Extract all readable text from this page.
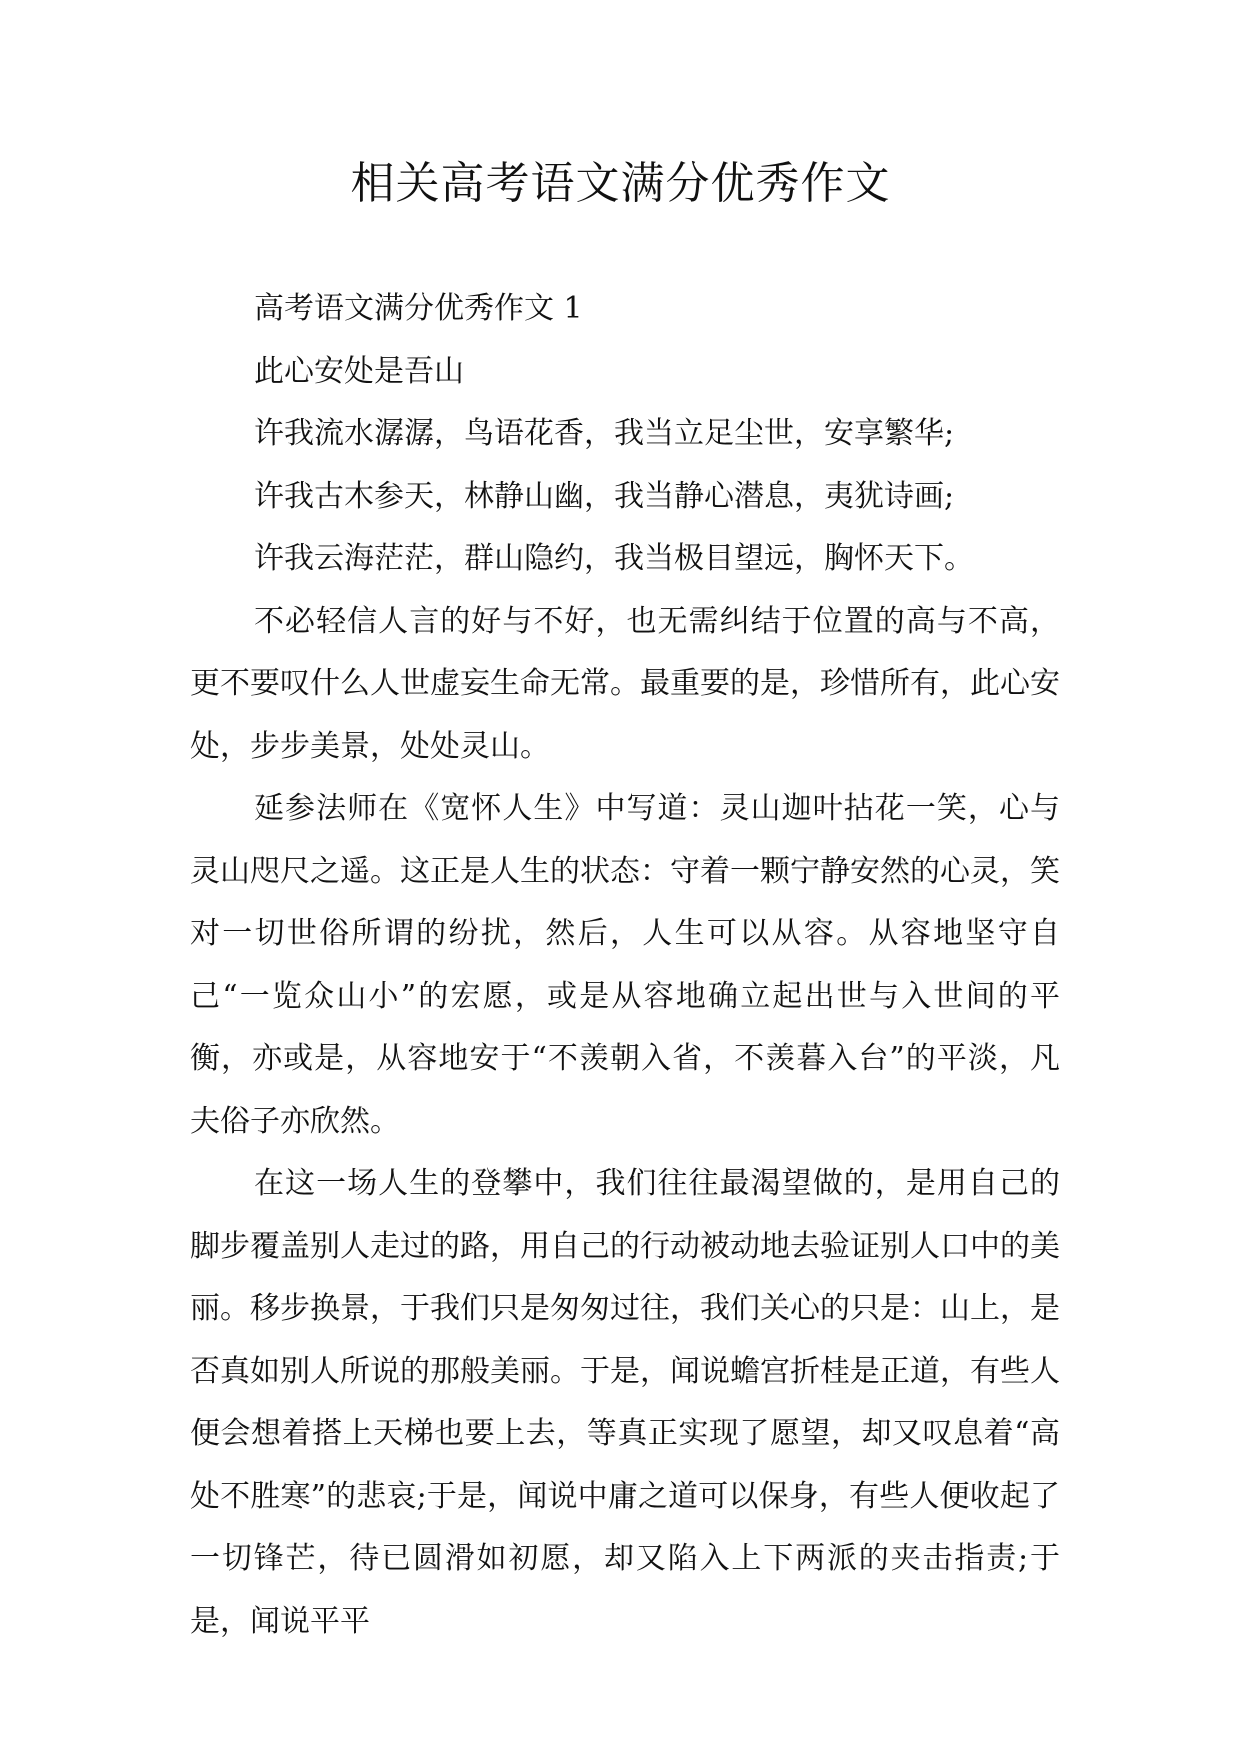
相关高考语文满分优秀作文

高考语文满分优秀作文 1

此心安处是吾山

许我流水潺潺，鸟语花香，我当立足尘世，安享繁华;

许我古木参天，林静山幽，我当静心潜息，夷犹诗画;

许我云海茫茫，群山隐约，我当极目望远，胸怀天下。

不必轻信人言的好与不好，也无需纠结于位置的高与不高，更不要叹什么人世虚妄生命无常。最重要的是，珍惜所有，此心安处，步步美景，处处灵山。

延参法师在《宽怀人生》中写道：灵山迦叶拈花一笑，心与灵山咫尺之遥。这正是人生的状态：守着一颗宁静安然的心灵，笑对一切世俗所谓的纷扰，然后，人生可以从容。从容地坚守自己“一览众山小”的宏愿，或是从容地确立起出世与入世间的平衡，亦或是，从容地安于“不羡朝入省，不羡暮入台”的平淡，凡夫俗子亦欣然。

在这一场人生的登攀中，我们往往最渴望做的，是用自己的脚步覆盖别人走过的路，用自己的行动被动地去验证别人口中的美丽。移步换景，于我们只是匆匆过往，我们关心的只是：山上，是否真如别人所说的那般美丽。于是，闻说蟾宫折桂是正道，有些人便会想着搭上天梯也要上去，等真正实现了愿望，却又叹息着“高处不胜寒”的悲哀;于是，闻说中庸之道可以保身，有些人便收起了一切锋芒，待已圆滑如初愿，却又陷入上下两派的夹击指责;于是，闻说平平
